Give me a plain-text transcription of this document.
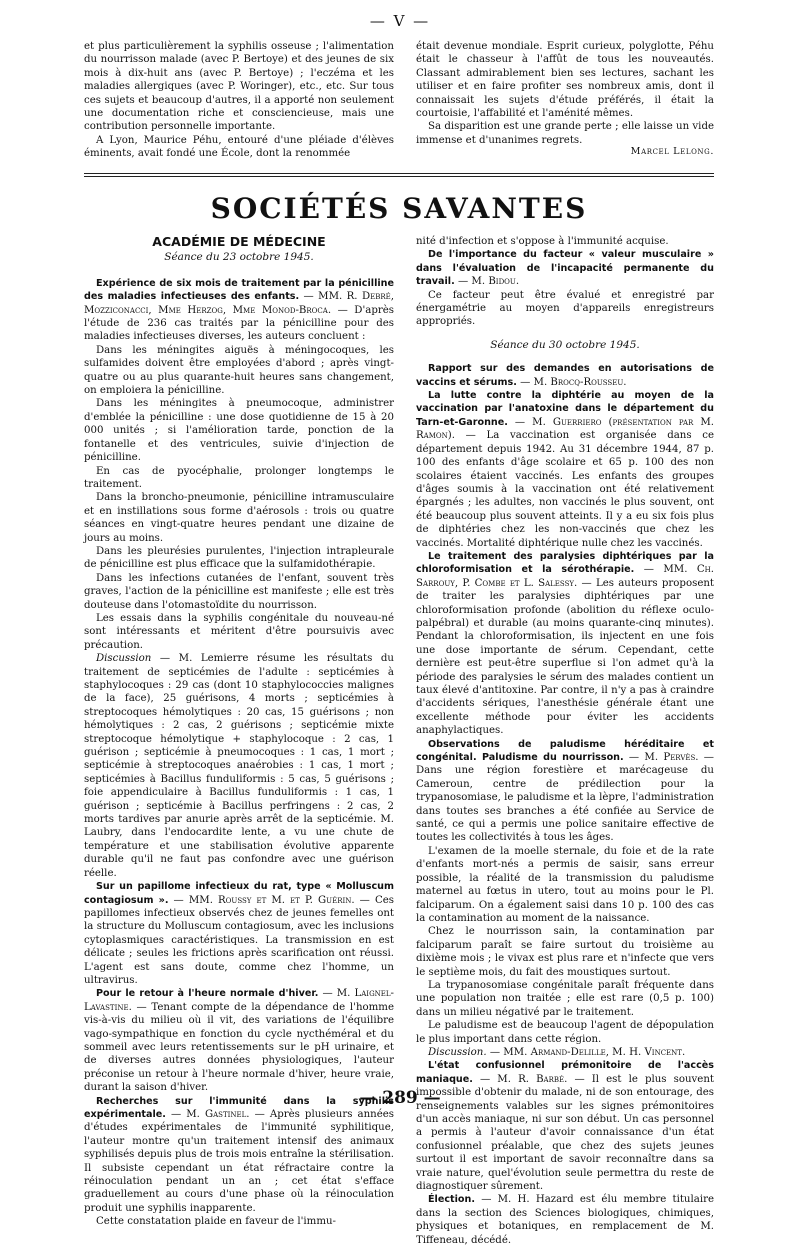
— V —

et plus particulièrement la syphilis osseuse ; l'alimentation du nourrisson malade (avec P. Bertoye) et des jeunes de six mois à dix-huit ans (avec P. Bertoye) ; l'eczéma et les maladies allergiques (avec P. Woringer), etc., etc. Sur tous ces sujets et beaucoup d'autres, il a apporté non seulement une documentation riche et consciencieuse, mais une contribution personnelle importante.

A Lyon, Maurice Péhu, entouré d'une pléiade d'élèves éminents, avait fondé une École, dont la renommée

était devenue mondiale. Esprit curieux, polyglotte, Péhu était le chasseur à l'affût de tous les nouveautés. Classant admirablement bien ses lectures, sachant les utiliser et en faire profiter ses nombreux amis, dont il connaissait les sujets d'étude préférés, il était la courtoisie, l'affabilité et l'aménité mêmes.

Sa disparition est une grande perte ; elle laisse un vide immense et d'unanimes regrets.

Marcel Lelong.
SOCIÉTÉS SAVANTES
ACADÉMIE DE MÉDECINE
Séance du 23 octobre 1945.

Expérience de six mois de traitement par la pénicilline des maladies infectieuses des enfants. — MM. R. Debré, Mozziconacci, Mme Herzog, Mme Monod-Broca. — D'après l'étude de 236 cas traités par la pénicilline pour des maladies infectieuses diverses, les auteurs concluent :

Dans les méningites aiguës à méningocoques, les sulfamides doivent être employées d'abord ; après vingt-quatre ou au plus quarante-huit heures sans changement, on emploiera la pénicilline.

Dans les méningites à pneumocoque, administrer d'emblée la pénicilline : une dose quotidienne de 15 à 20 000 unités ; si l'amélioration tarde, ponction de la fontanelle et des ventricules, suivie d'injection de pénicilline.

En cas de pyocéphalie, prolonger longtemps le traitement.

Dans la broncho-pneumonie, pénicilline intramusculaire et en instillations sous forme d'aérosols : trois ou quatre séances en vingt-quatre heures pendant une dizaine de jours au moins.

Dans les pleurésies purulentes, l'injection intrapleurale de pénicilline est plus efficace que la sulfamidothérapie.

Dans les infections cutanées de l'enfant, souvent très graves, l'action de la pénicilline est manifeste ; elle est très douteuse dans l'otomastoïdite du nourrisson.

Les essais dans la syphilis congénitale du nouveau-né sont intéressants et méritent d'être poursuivis avec précaution.

Discussion — M. Lemierre résume les résultats du traitement de septicémies de l'adulte : septicémies à staphylocoques : 29 cas (dont 10 staphylococcies malignes de la face), 25 guérisons, 4 morts ; septicémies à streptocoques hémolytiques : 20 cas, 15 guérisons ; non hémolytiques : 2 cas, 2 guérisons ; septicémie mixte streptocoque hémolytique + staphylocoque : 2 cas, 1 guérison ; septicémie à pneumocoques : 1 cas, 1 mort ; septicémie à streptocoques anaérobies : 1 cas, 1 mort ; septicémies à Bacillus funduliformis : 5 cas, 5 guérisons ; foie appendiculaire à Bacillus funduliformis : 1 cas, 1 guérison ; septicémie à Bacillus perfringens : 2 cas, 2 morts tardives par anurie après arrêt de la septicémie. M. Laubry, dans l'endocardite lente, a vu une chute de température et une stabilisation évolutive apparente durable qu'il ne faut pas confondre avec une guérison réelle.

Sur un papillome infectieux du rat, type « Molluscum contagiosum ». — MM. Roussy et M. et P. Guérin. — Ces papillomes infectieux observés chez de jeunes femelles ont la structure du Molluscum contagiosum, avec les inclusions cytoplasmiques caractéristiques. La transmission en est délicate ; seules les frictions après scarification ont réussi. L'agent est sans doute, comme chez l'homme, un ultravirus.

Pour le retour à l'heure normale d'hiver. — M. Laignel-Lavastine. — Tenant compte de la dépendance de l'homme vis-à-vis du milieu où il vit, des variations de l'équilibre vago-sympathique en fonction du cycle nycthéméral et du sommeil avec leurs retentissements sur le pH urinaire, et de diverses autres données physiologiques, l'auteur préconise un retour à l'heure normale d'hiver, heure vraie, durant la saison d'hiver.

Recherches sur l'immunité dans la syphilis expérimentale. — M. Gastinel. — Après plusieurs années d'études expérimentales de l'immunité syphilitique, l'auteur montre qu'un traitement intensif des animaux syphilisés depuis plus de trois mois entraîne la stérilisation. Il subsiste cependant un état réfractaire contre la réinoculation pendant un an ; cet état s'efface graduellement au cours d'une phase où la réinoculation produit une syphilis inapparente.

Cette constatation plaide en faveur de l'immu-

nité d'infection et s'oppose à l'immunité acquise.

De l'importance du facteur « valeur musculaire » dans l'évaluation de l'incapacité permanente du travail. — M. Bidou.

Ce facteur peut être évalué et enregistré par énergamétrie au moyen d'appareils enregistreurs appropriés.

Séance du 30 octobre 1945.

Rapport sur des demandes en autorisations de vaccins et sérums. — M. Brocq-Rousseu.

La lutte contre la diphtérie au moyen de la vaccination par l'anatoxine dans le département du Tarn-et-Garonne. — M. Guerriero (présentation par M. Ramon). — La vaccination est organisée dans ce département depuis 1942. Au 31 décembre 1944, 87 p. 100 des enfants d'âge scolaire et 65 p. 100 des non scolaires étaient vaccinés. Les enfants des groupes d'âges soumis à la vaccination ont été relativement épargnés ; les adultes, non vaccinés le plus souvent, ont été beaucoup plus souvent atteints. Il y a eu six fois plus de diphtéries chez les non-vaccinés que chez les vaccinés. Mortalité diphtérique nulle chez les vaccinés.

Le traitement des paralysies diphtériques par la chloroformisation et la sérothérapie. — MM. Ch. Sarrouy, P. Combe et L. Salessy. — Les auteurs proposent de traiter les paralysies diphtériques par une chloroformisation profonde (abolition du réflexe oculo-palpébral) et durable (au moins quarante-cinq minutes). Pendant la chloroformisation, ils injectent en une fois une dose importante de sérum. Cependant, cette dernière est peut-être superflue si l'on admet qu'à la période des paralysies le sérum des malades contient un taux élevé d'antitoxine. Par contre, il n'y a pas à craindre d'accidents sériques, l'anesthésie générale étant une excellente méthode pour éviter les accidents anaphylactiques.

Observations de paludisme héréditaire et congénital. Paludisme du nourrisson. — M. Pervès. — Dans une région forestière et marécageuse du Cameroun, centre de prédilection pour la trypanosomiase, le paludisme et la lèpre, l'administration dans toutes ses branches a été confiée au Service de santé, ce qui a permis une police sanitaire effective de toutes les collectivités à tous les âges.

L'examen de la moelle sternale, du foie et de la rate d'enfants mort-nés a permis de saisir, sans erreur possible, la réalité de la transmission du paludisme maternel au fœtus in utero, tout au moins pour le Pl. falciparum. On a également saisi dans 10 p. 100 des cas la contamination au moment de la naissance.

Chez le nourrisson sain, la contamination par falciparum paraît se faire surtout du troisième au dixième mois ; le vivax est plus rare et n'infecte que vers le septième mois, du fait des moustiques surtout.

La trypanosomiase congénitale paraît fréquente dans une population non traitée ; elle est rare (0,5 p. 100) dans un milieu négativé par le traitement.

Le paludisme est de beaucoup l'agent de dépopulation le plus important dans cette région.

Discussion. — MM. Armand-Delille, M. H. Vincent.

L'état confusionnel prémonitoire de l'accès maniaque. — M. R. Barbé. — Il est le plus souvent impossible d'obtenir du malade, ni de son entourage, des renseignements valables sur les signes prémonitoires d'un accès maniaque, ni sur son début. Un cas personnel a permis à l'auteur d'avoir connaissance d'un état confusionnel préalable, que chez des sujets jeunes surtout il est important de savoir reconnaître dans sa vraie nature, quel'évolution seule permettra du reste de diagnostiquer sûrement.

Élection. — M. H. Hazard est élu membre titulaire dans la section des Sciences biologiques, chimiques, physiques et botaniques, en remplacement de M. Tiffeneau, décédé.

— 289 —
